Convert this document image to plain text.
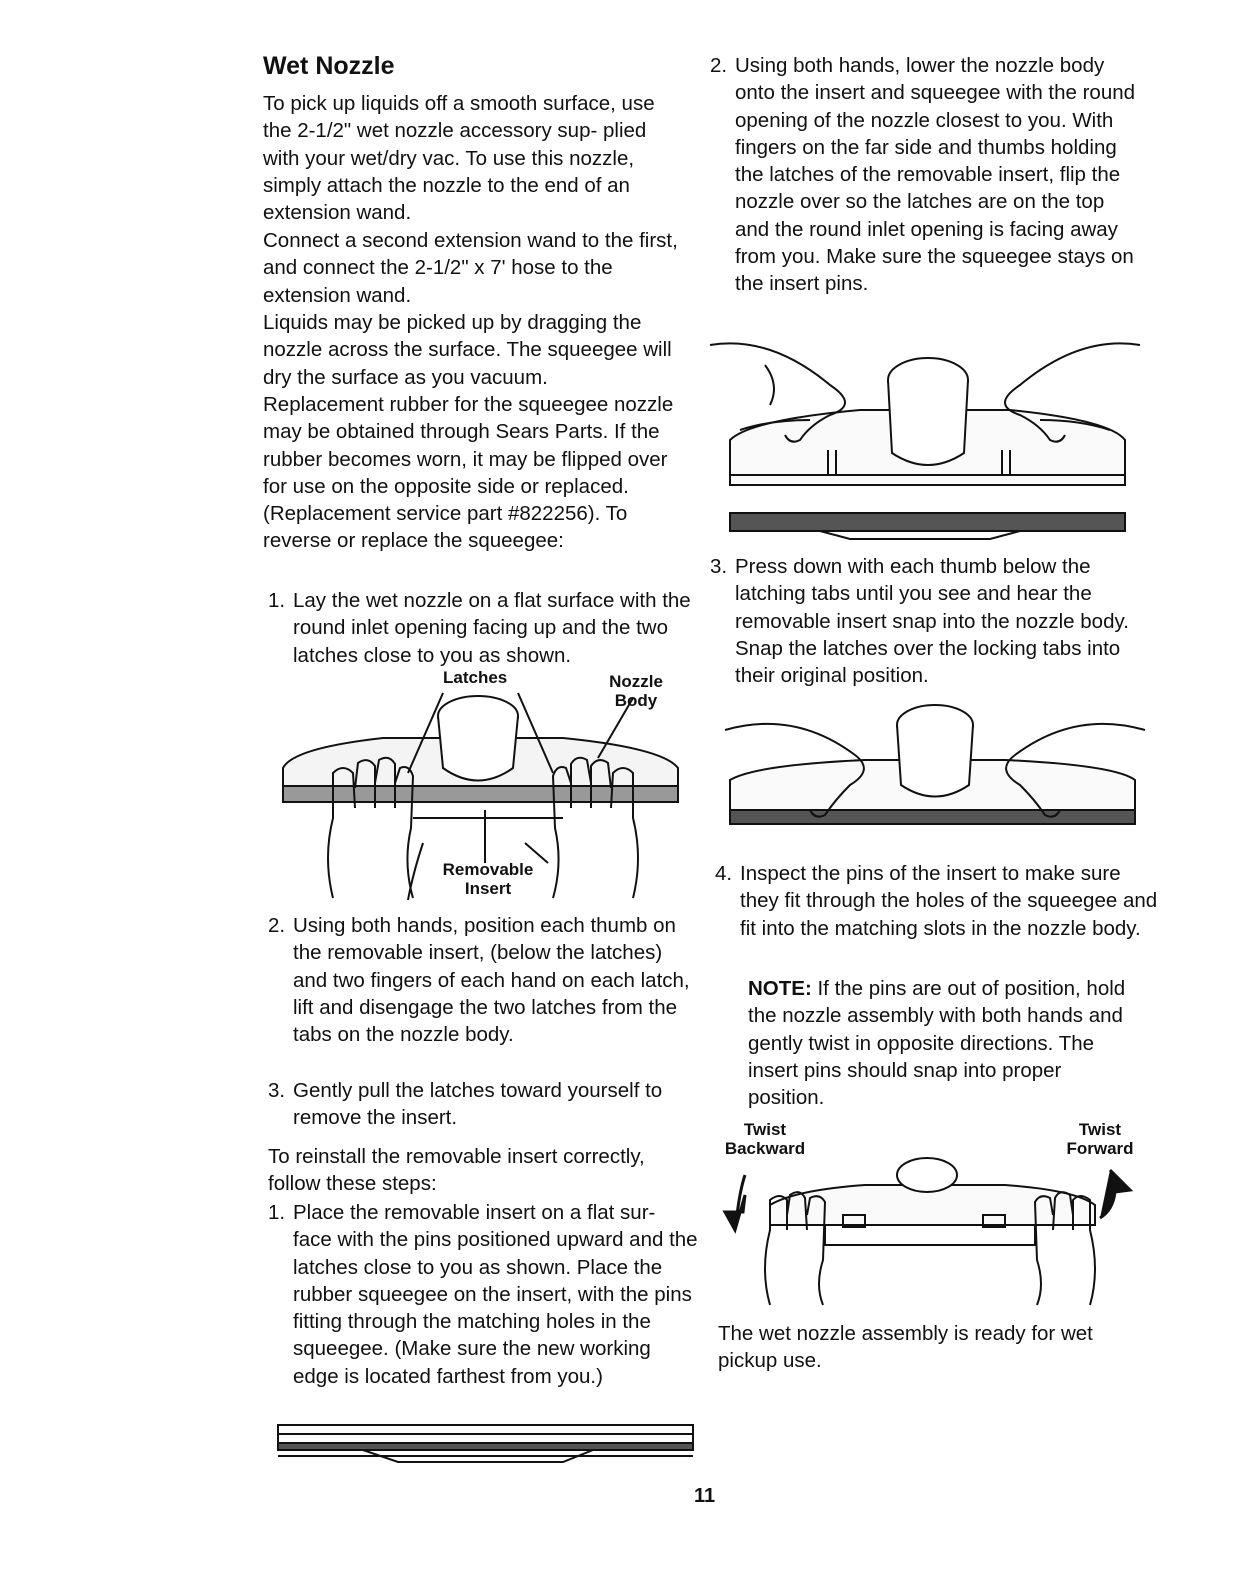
Wet Nozzle

To pick up liquids off a smooth surface, use the 2-1/2" wet nozzle accessory sup- plied with your wet/dry vac. To use this nozzle, simply attach the nozzle to the end of an extension wand.

Connect a second extension wand to the first, and connect the 2-1/2" x 7' hose to the extension wand.

Liquids may be picked up by dragging the nozzle across the surface. The squeegee will dry the surface as you vacuum.

Replacement rubber for the squeegee nozzle may be obtained through Sears Parts. If the rubber becomes worn, it may be flipped over for use on the opposite side or replaced. (Replacement service part #822256). To reverse or replace the squeegee:

1. Lay the wet nozzle on a flat surface with the round inlet opening facing up and the two latches close to you as shown.
Latches	Nozzle Body
Removable Insert
2. Using both hands, position each thumb on the removable insert, (below the latches) and two fingers of each hand on each latch, lift and disengage the two latches from the tabs on the nozzle body.
3. Gently pull the latches toward yourself to remove the insert.

To reinstall the removable insert correctly, follow these steps:

1. Place the removable insert on a flat sur- face with the pins positioned upward and the latches close to you as shown. Place the rubber squeegee on the insert, with the pins fitting through the matching holes in the squeegee. (Make sure the new working edge is located farthest from you.)
2. Using both hands, lower the nozzle body onto the insert and squeegee with the round opening of the nozzle closest to you. With fingers on the far side and thumbs holding the latches of the removable insert, flip the nozzle over so the latches are on the top and the round inlet opening is facing away from you. Make sure the squeegee stays on the insert pins.
3. Press down with each thumb below the latching tabs until you see and hear the removable insert snap into the nozzle body. Snap the latches over the locking tabs into their original position.
4. Inspect the pins of the insert to make sure they fit through the holes of the squeegee and fit into the matching slots in the nozzle body.

NOTE: If the pins are out of position, hold the nozzle assembly with both hands and gently twist in opposite directions. The insert pins should snap into proper position.

Twist Backward
Twist Forward

The wet nozzle assembly is ready for wet pickup use.

11
